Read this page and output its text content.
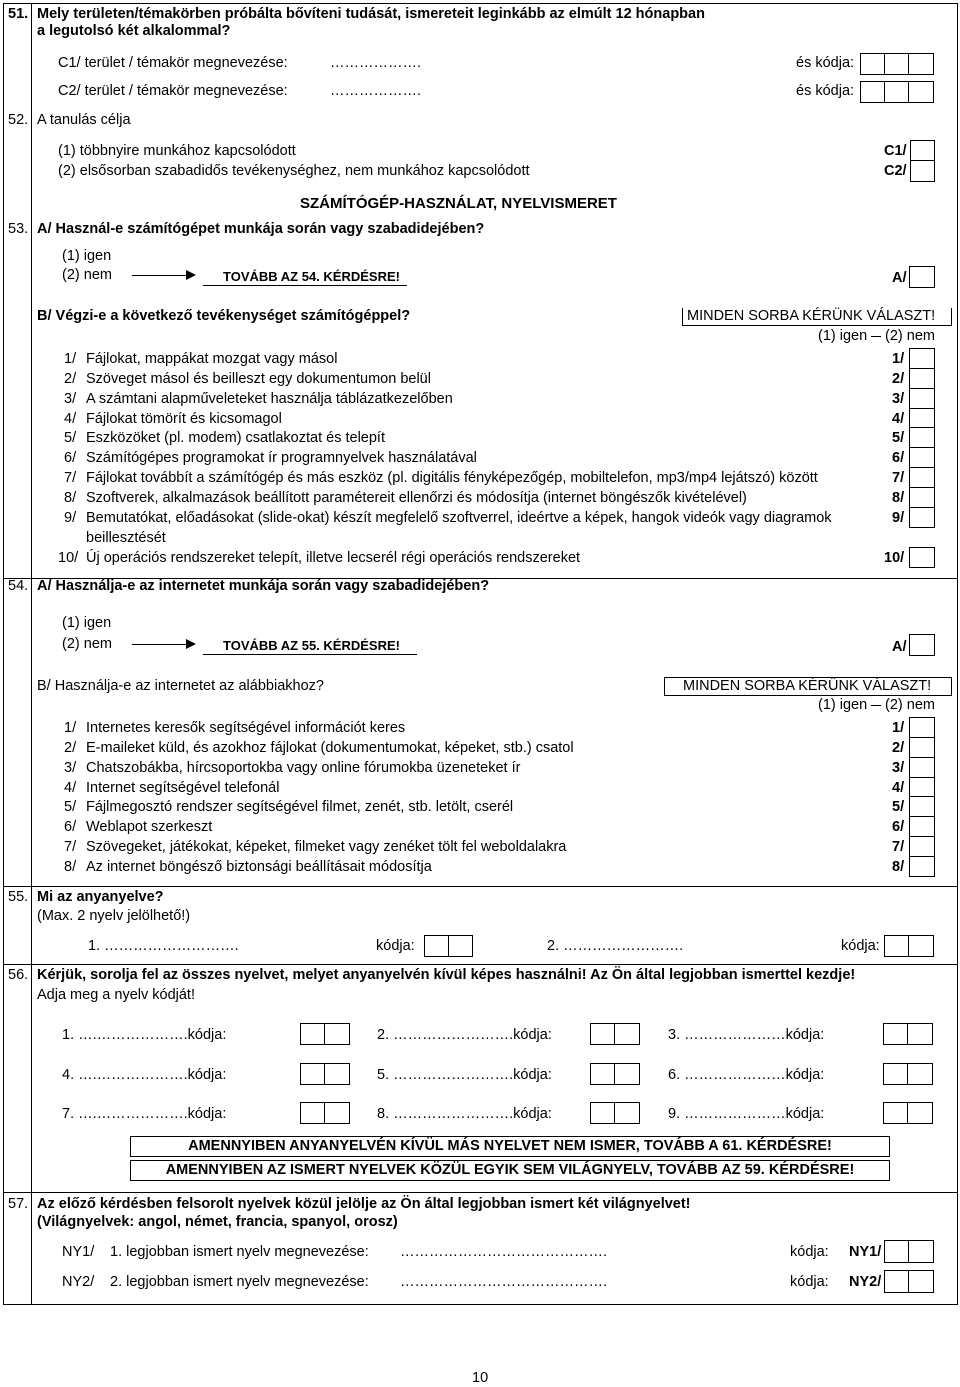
51. Mely területen/témakörben próbálta bővíteni tudását, ismereteit leginkább az elmúlt 12 hónapban
a legutolsó két alkalommal?
C1/ terület / témakör megnevezése:	……………….	és kódja:
C2/ terület / témakör megnevezése:	……………….	és kódja:
52. A tanulás célja
(1) többnyire munkához kapcsolódott	C1/
(2) elsősorban szabadidős tevékenységhez, nem munkához kapcsolódott	C2/
SZÁMÍTÓGÉP-HASZNÁLAT, NYELVISMERET
53. A/ Használ-e számítógépet munkája során vagy szabadidejében?
(1) igen
(2) nem	TOVÁBB AZ 54. KÉRDÉSRE!	A/
B/ Végzi-e a következő tevékenységet számítógéppel?	MINDEN SORBA KÉRÜNK VÁLASZT!
(1) igen (2) nem
1/ Fájlokat, mappákat mozgat vagy másol	1/
2/ Szöveget másol és beilleszt egy dokumentumon belül	2/
3/ A számtani alapműveleteket használja táblázatkezelőben	3/
4/ Fájlokat tömörít és kicsomagol	4/
5/ Eszközöket (pl. modem) csatlakoztat és telepít	5/
6/ Számítógépes programokat ír programnyelvek használatával	6/
7/ Fájlokat továbbít a számítógép és más eszköz (pl. digitális fényképezőgép, mobiltelefon, mp3/mp4 lejátszó) között	7/
8/ Szoftverek, alkalmazások beállított paramétereit ellenőrzi és módosítja (internet böngészők kivételével)	8/
9/ Bemutatókat, előadásokat (slide-okat) készít megfelelő szoftverrel, ideértve a képek, hangok videók vagy diagramok
beillesztését
9/
10/ Új operációs rendszereket telepít, illetve lecserél régi operációs rendszereket	10/
54. A/ Használja-e az internetet munkája során vagy szabadidejében?
(1) igen
(2) nem	TOVÁBB AZ 55. KÉRDÉSRE!	A/
B/ Használja-e az internetet az alábbiakhoz?	MINDEN SORBA KÉRÜNK VÁLASZT!
(1) igen (2) nem
1/ Internetes keresők segítségével információt keres	1/
2/ E-maileket küld, és azokhoz fájlokat (dokumentumokat, képeket, stb.) csatol	2/
3/ Chatszobákba, hírcsoportokba vagy online fórumokba üzeneteket ír	3/
4/ Internet segítségével telefonál	4/
5/ Fájlmegosztó rendszer segítségével filmet, zenét, stb. letölt, cserél	5/
6/ Weblapot szerkeszt	6/
7/ Szövegeket, játékokat, képeket, filmeket vagy zenéket tölt fel weboldalakra	7/
8/ Az internet böngésző biztonsági beállításait módosítja	8/
55. Mi az anyanyelve?
(Max. 2 nyelv jelölhető!)
1. ……………………….	kódja:	2. …………………….	kódja:
56. Kérjük, sorolja fel az összes nyelvet, melyet anyanyelvén kívül képes használni! Az Ön által legjobban ismerttel kezdje!
Adja meg a nyelv kódját!
1. ….……………….kódja:	2. …………………….kódja:	3. …………………kódja:
4. ….……………….kódja:	5. …………………….kódja:	6. …………………kódja:
7. ….……………….kódja:	8. …………………….kódja:	9. …………………kódja:
AMENNYIBEN ANYANYELVÉN KÍVÜL MÁS NYELVET NEM ISMER, TOVÁBB A 61. KÉRDÉSRE!
AMENNYIBEN AZ ISMERT NYELVEK KÖZÜL EGYIK SEM VILÁGNYELV, TOVÁBB AZ 59. KÉRDÉSRE!
57. Az előző kérdésben felsorolt nyelvek közül jelölje az Ön által legjobban ismert két világnyelvet!
(Világnyelvek: angol, német, francia, spanyol, orosz)
NY1/ 1. legjobban ismert nyelv megnevezése: …………………………………….	kódja: NY1/
NY2/ 2. legjobban ismert nyelv megnevezése: …………………………………….	kódja: NY2/
10
